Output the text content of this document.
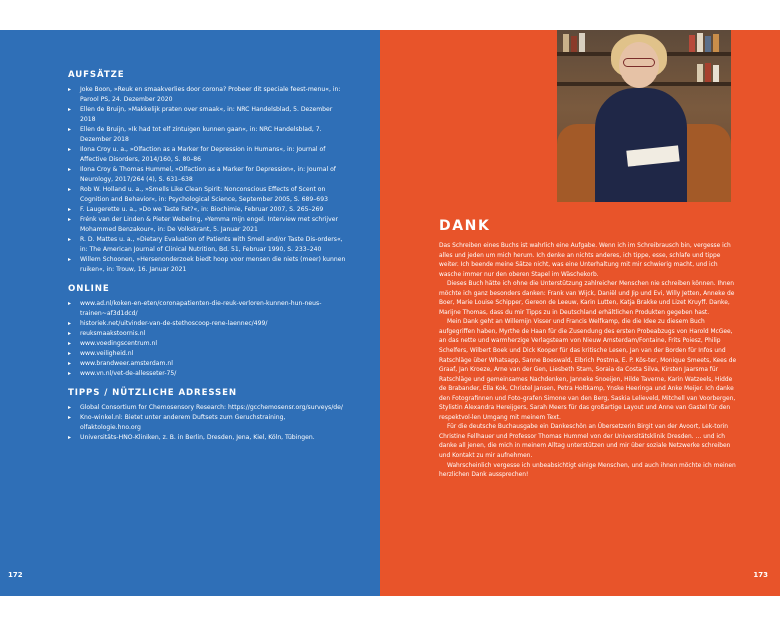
AUFSÄTZE
▸ Joke Boon, »Reuk en smaakverlies door corona? Probeer dit speciale feest-menu«, in: Parool PS, 24. Dezember 2020
▸ Ellen de Bruijn, »Makkelijk praten over smaak«, in: NRC Handelsblad, 5. Dezember 2018
▸ Ellen de Bruijn, »Ik had tot elf zintuigen kunnen gaan«, in: NRC Handelsblad, 7. Dezember 2018
▸ Ilona Croy u. a., »Olfaction as a Marker for Depression in Humans«, in: Journal of Affective Disorders, 2014/160, S. 80–86
▸ Ilona Croy & Thomas Hummel, »Olfaction as a Marker for Depression«, in: Journal of Neurology, 2017/264 (4), S. 631–638
▸ Rob W. Holland u. a., »Smells Like Clean Spirit: Nonconscious Effects of Scent on Cognition and Behavior«, in: Psychological Science, September 2005, S. 689–693
▸ F. Laugerette u. a., »Do we Taste Fat?«, in: Biochimie, Februar 2007, S. 265–269
▸ Frénk van der Linden & Pieter Webeling, »Yemma mijn engel. Interview met schrijver Mohammed Benzakour«, in: De Volkskrant, 5. Januar 2021
▸ R. D. Mattes u. a., »Dietary Evaluation of Patients with Smell and/or Taste Dis-orders«, in: The American Journal of Clinical Nutrition, Bd. 51, Februar 1990, S. 233–240
▸ Willem Schoonen, »Hersenonderzoek biedt hoop voor mensen die niets (meer) kunnen ruiken«, in: Trouw, 16. Januar 2021
ONLINE
▸ www.ad.nl/koken-en-eten/coronapatienten-die-reuk-verloren-kunnen-hun-neus-trainen~af3d1dcd/
▸ historiek.net/uitvinder-van-de-stethoscoop-rene-laennec/499/
▸ reuksmaakstoornis.nl
▸ www.voedingscentrum.nl
▸ www.veiligheid.nl
▸ www.brandweer.amsterdam.nl
▸ www.vn.nl/vet-de-allesseter-75/
TIPPS / NÜTZLICHE ADRESSEN
▸ Global Consortium for Chemosensory Research: https://gcchemosensr.org/surveys/de/
▸ Kno-winkel.nl: Bietet unter anderem Duftsets zum Geruchstraining, olfaktologie.hno.org
▸ Universitäts-HNO-Kliniken, z. B. in Berlin, Dresden, Jena, Kiel, Köln, Tübingen.
172
DANK

Das Schreiben eines Buchs ist wahrlich eine Aufgabe. Wenn ich im Schreibrausch bin, vergesse ich alles und jeden um mich herum. Ich denke an nichts anderes, ich tippe, esse, schlafe und tippe weiter. Ich beende meine Sätze nicht, was eine Unterhaltung mit mir schwierig macht, und ich wasche immer nur den oberen Stapel im Wäschekorb.

Dieses Buch hätte ich ohne die Unterstützung zahlreicher Menschen nie schreiben können. Ihnen möchte ich ganz besonders danken: Frank van Wijck, Daniël und Jip und Evi, Willy Jetten, Anneke de Boer, Marie Louise Schipper, Gereon de Leeuw, Karin Lutten, Katja Brakke und Lizet Kruyff. Danke, Marijne Thomas, dass du mir Tipps zu in Deutschland erhältlichen Produkten gegeben hast.

Mein Dank geht an Willemijn Visser und Francis Welfkamp, die die Idee zu diesem Buch aufgegriffen haben, Myrthe de Haan für die Zusendung des ersten Probeabzugs von Harold McGee, an das nette und warmherzige Verlagsteam von Nieuw Amsterdam/Fontaine, Frits Poiesz, Philip Schelfers, Wilbert Boek und Dick Kooper für das kritische Lesen, Jan van der Borden für Infos und Ratschläge über Whatsapp, Sanne Boeswald, Elbrich Postma, E. P. Kös-ter, Monique Smeets, Kees de Graaf, Jan Kroeze, Arne van der Gen, Liesbeth Stam, Soraia da Costa Silva, Kirsten Jaarsma für Ratschläge und gemeinsames Nachdenken, Janneke Snoeijen, Hilde Taverne, Karin Watzeels, Hidde de Brabander, Ella Kok, Christel Jansen, Petra Holtkamp, Ynske Heeringa und Anke Meijer. Ich danke den Fotografinnen und Foto-grafen Simone van den Berg, Saskia Lelieveld, Mitchell van Voorbergen, Stylistin Alexandra Hereijgers, Sarah Meers für das großartige Layout und Anne van Gastel für den respektvol-len Umgang mit meinem Text.

Für die deutsche Buchausgabe ein Dankeschön an Übersetzerin Birgit van der Avoort, Lek-torin Christine Fellhauer und Professor Thomas Hummel von der Universitätsklinik Dresden. … und ich danke all jenen, die mich in meinem Alltag unterstützen und mir über soziale Netzwerke schreiben und Kontakt zu mir aufnehmen.

Wahrscheinlich vergesse ich unbeabsichtigt einige Menschen, und auch ihnen möchte ich meinen herzlichen Dank aussprechen!

173
